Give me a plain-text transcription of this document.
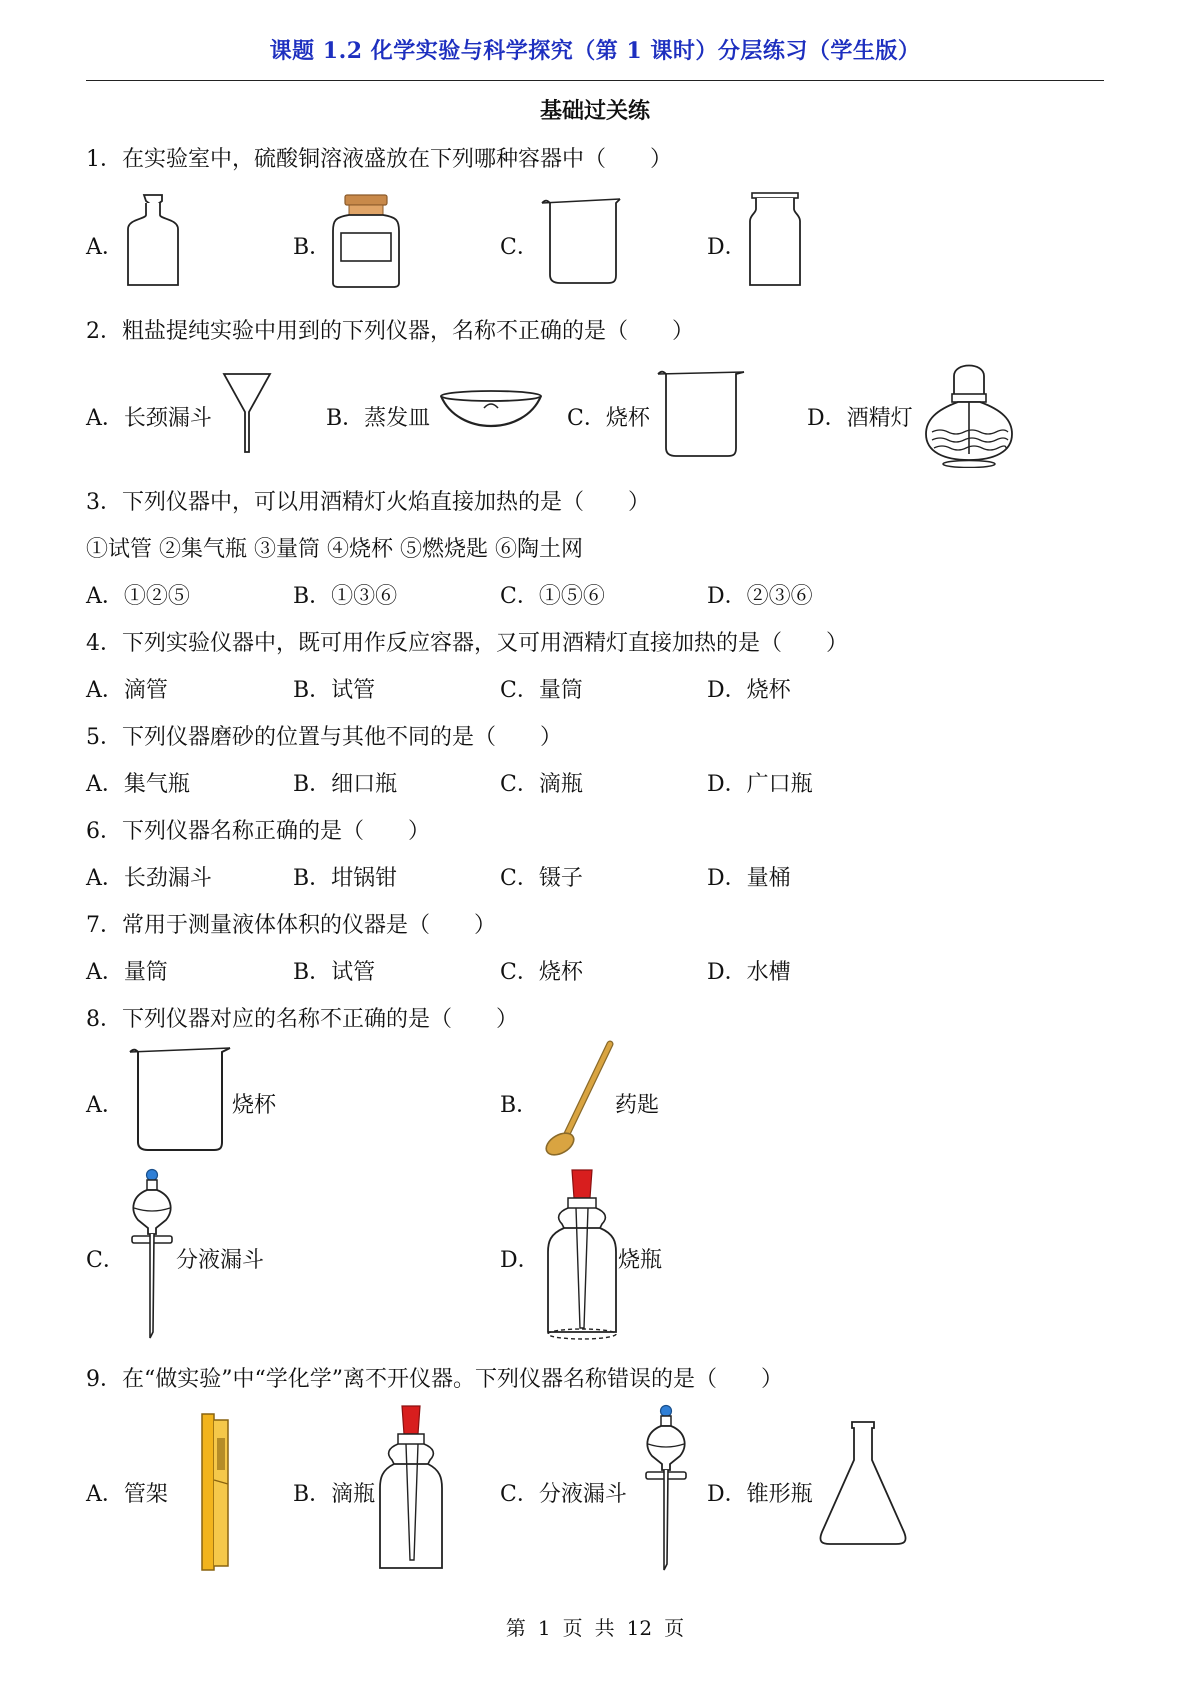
课题 1.2 化学实验与科学探究（第 1 课时）分层练习（学生版）
基础过关练
1．在实验室中，硫酸铜溶液盛放在下列哪种容器中（　　）
A．	B．	C．	D．
2．粗盐提纯实验中用到的下列仪器，名称不正确的是（　　）
A．长颈漏斗	B．蒸发皿	C．烧杯	D．酒精灯
3．下列仪器中，可以用酒精灯火焰直接加热的是（　　）
①试管 ②集气瓶 ③量筒 ④烧杯 ⑤燃烧匙 ⑥陶土网
A．①②⑤	B．①③⑥	C．①⑤⑥	D．②③⑥
4．下列实验仪器中，既可用作反应容器，又可用酒精灯直接加热的是（　　）
A．滴管	B．试管	C．量筒	D．烧杯
5．下列仪器磨砂的位置与其他不同的是（　　）
A．集气瓶	B．细口瓶	C．滴瓶	D．广口瓶
6．下列仪器名称正确的是（　　）
A．长劲漏斗	B．坩锅钳	C．镊子	D．量桶
7．常用于测量液体体积的仪器是（　　）
A．量筒	B．试管	C．烧杯	D．水槽
8．下列仪器对应的名称不正确的是（　　）
A．	烧杯	B．	药匙
C． 分液漏斗	D．	烧瓶
9．在“做实验”中“学化学”离不开仪器。下列仪器名称错误的是（　　）
A．管架	B．滴瓶	C．分液漏斗	D．锥形瓶
第 1 页 共 12 页
